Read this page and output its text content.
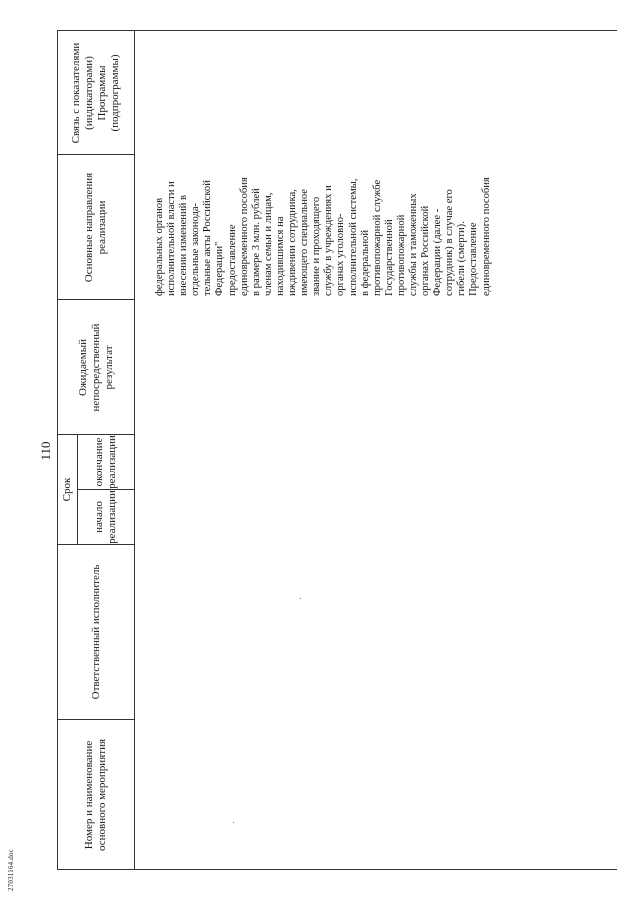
110
27031164.doc
Номер и наименование основного мероприятия
Ответственный исполнитель
Срок
начало реализации
окончание реализации
Ожидаемый непосредственный результат
Основные направления реализации
Связь с показателями (индикаторами) Программы (подпрограммы)
федеральных органов
исполнительной власти и
внесении изменений в
отдельные законода-
тельные акты Российской
Федерации"
предоставление
единовременного пособия
в размере 3 млн. рублей
членам семьи и лицам,
находившимся на
иждивении сотрудника,
имеющего специальное
звание и проходящего
службу в учреждениях и
органах уголовно-
исполнительной системы,
в федеральной
противопожарной службе
Государственной
противопожарной
службы и таможенных
органах Российской
Федерации (далее -
сотрудник) в случае его
гибели (смерти).
Предоставление
единовременного пособия
